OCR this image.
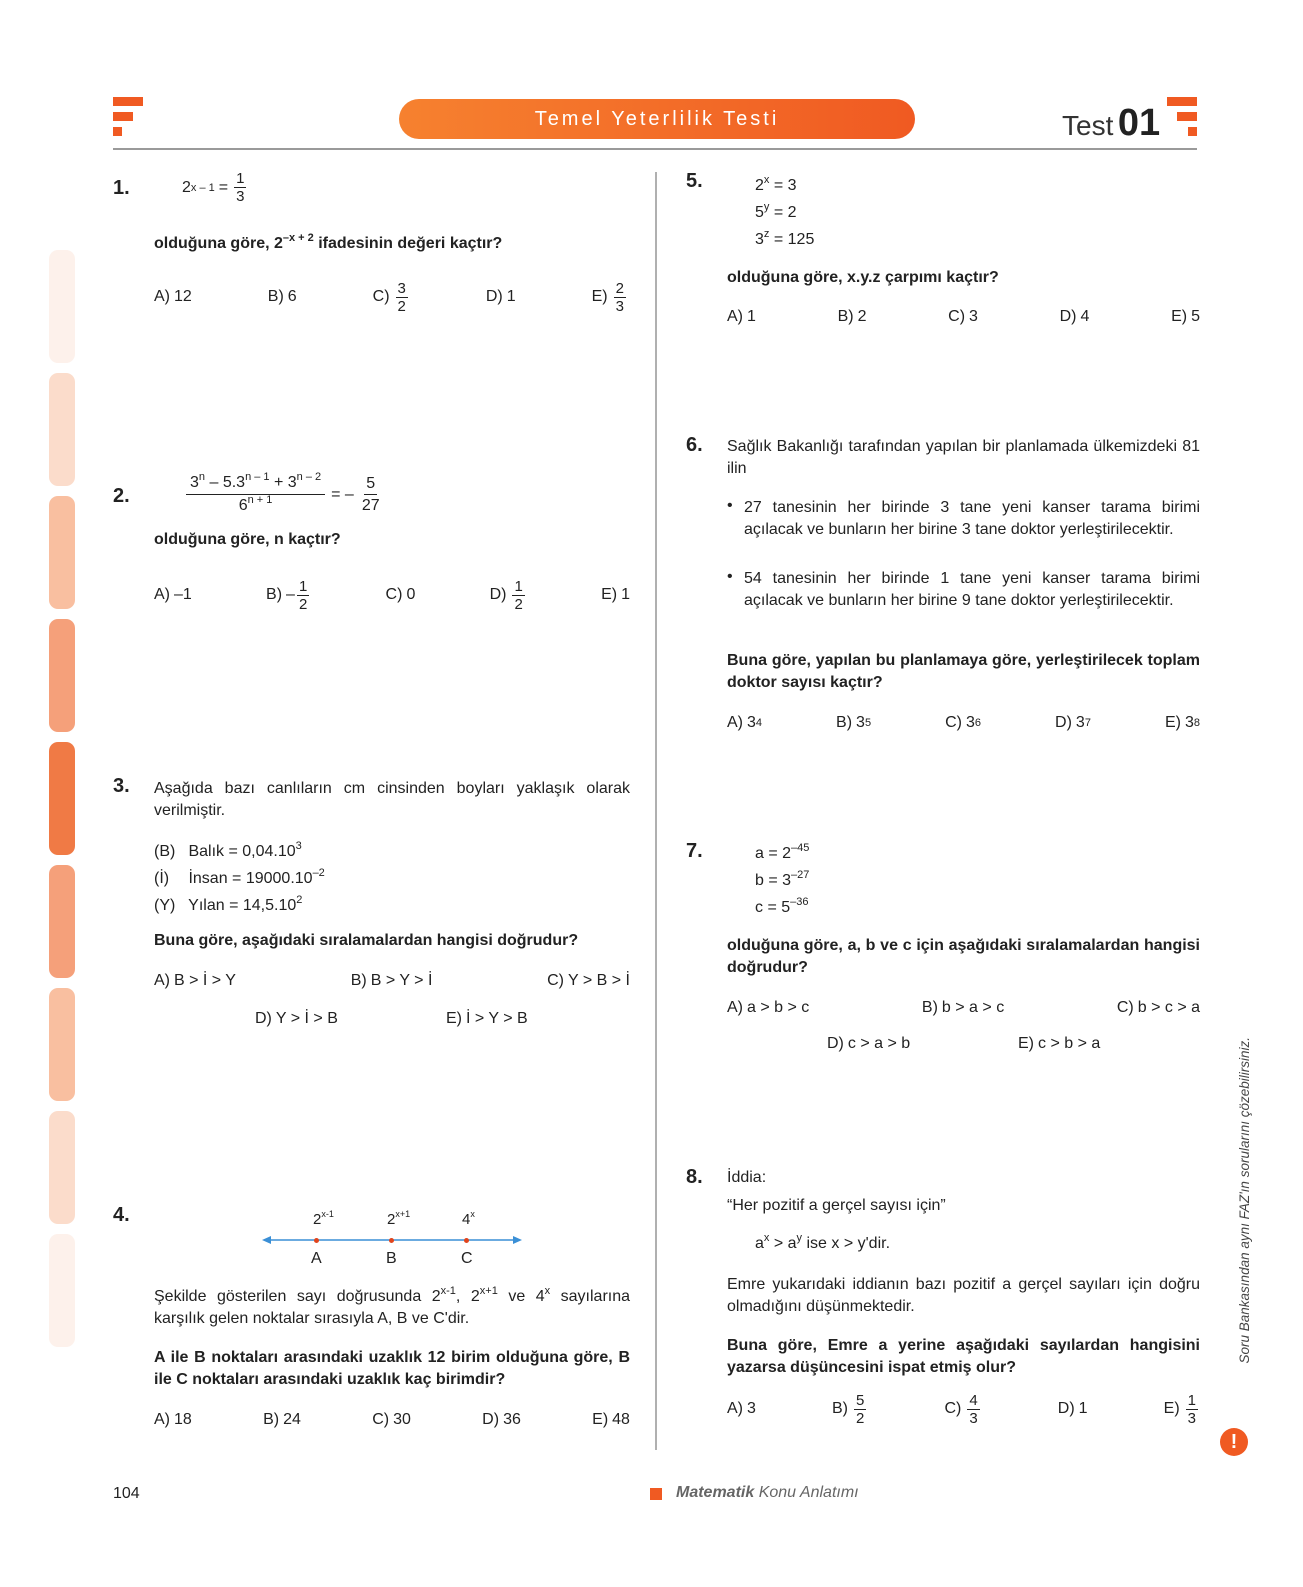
Temel Yeterlilik Testi	Test 01
1.	2 $x - 1 = \frac{1}{3}$
olduğuna göre, $2^{-x + 2}$ ifadesinin değeri kaçtır?
A) 12	B) 6	$C) \frac{3}{2}$	D) 1	$E) \frac{2}{3}$
2.	$\frac{3^n - 5.3^{n - 1} + 3^{n - 2}}{6^{n + 1}}$ = – $\frac{5}{27}$
olduğuna göre, n kaçtır?
A) –1	$B) - \frac{1}{2}$	C) 0	$D) \frac{1}{2}$	E) 1
3. Aşağıda bazı canlıların cm cinsinden boyları yaklaşık olarak verilmiştir.
(B) Balık = $0,04.10^3$
(İ) İnsan = $19000.10^{-2}$
(Y) Yılan = $14,5.10^2$
Buna göre, aşağıdaki sıralamalardan hangisi doğrudur?
A) B > İ > Y	B) B > Y > İ	C) Y > B > İ
D) Y > İ > B	E) İ > Y > B
4.	2$^{x-1}$	$2^{x+1}$	4$^x$
A	B	C
Şekilde gösterilen sayı doğrusunda 2$^{x-1}$, $2^{x+1}$ ve 4$^x$ sayılarına karşılık gelen noktalar sırasıyla A, B ve C'dir.
A ile B noktaları arasındaki uzaklık 12 birim olduğuna göre, B ile C noktaları arasındaki uzaklık kaç birimdir?
A) 18	B) 24	C) 30	D) 36	E) 48
5.	$2^x = 3$
$5^y = 2$
$3^z = 125$
olduğuna göre, x.y.z çarpımı kaçtır?
A) 1	B) 2	C) 3	D) 4	E) 5
6. Sağlık Bakanlığı tarafından yapılan bir planlamada ülkemizdeki 81 ilin
• 27 tanesinin her birinde 3 tane yeni kanser tarama birimi açılacak ve bunların her birine 3 tane doktor yerleştirilecektir.
• 54 tanesinin her birinde 1 tane yeni kanser tarama birimi açılacak ve bunların her birine 9 tane doktor yerleştirilecektir.
Buna göre, yapılan bu planlamaya göre, yerleştirilecek toplam doktor sayısı kaçtır?
A) 3 4	B) 3 5	C) 3 6	D) 3 7	E) 3 8
7.	$a = 2^{-45}$
$b = 3^{-27}$
$c = 5^{-36}$
olduğuna göre, a, b ve c için aşağıdaki sıralamalardan hangisi doğrudur?
A) a > b > c	B) b > a > c	C) b > c > a
D) c > a > b	E) c > b > a
8. İddia:
“Her pozitif a gerçel sayısı için”
$a^x > a^y$ ise x > y'dir.
Emre yukarıdaki iddianın bazı pozitif a gerçel sayıları için doğru olmadığını düşünmektedir.
Buna göre, Emre a yerine aşağıdaki sayılardan hangisini yazarsa düşüncesini ispat etmiş olur?
A) 3	$B) \frac{5}{2}$	$C) \frac{4}{3}$	D) 1	$E) \frac{1}{3}$
Soru Bankasından aynı FAZ'ın sorularını çözebilirsiniz.
!
104	Matematik Konu Anlatımı
